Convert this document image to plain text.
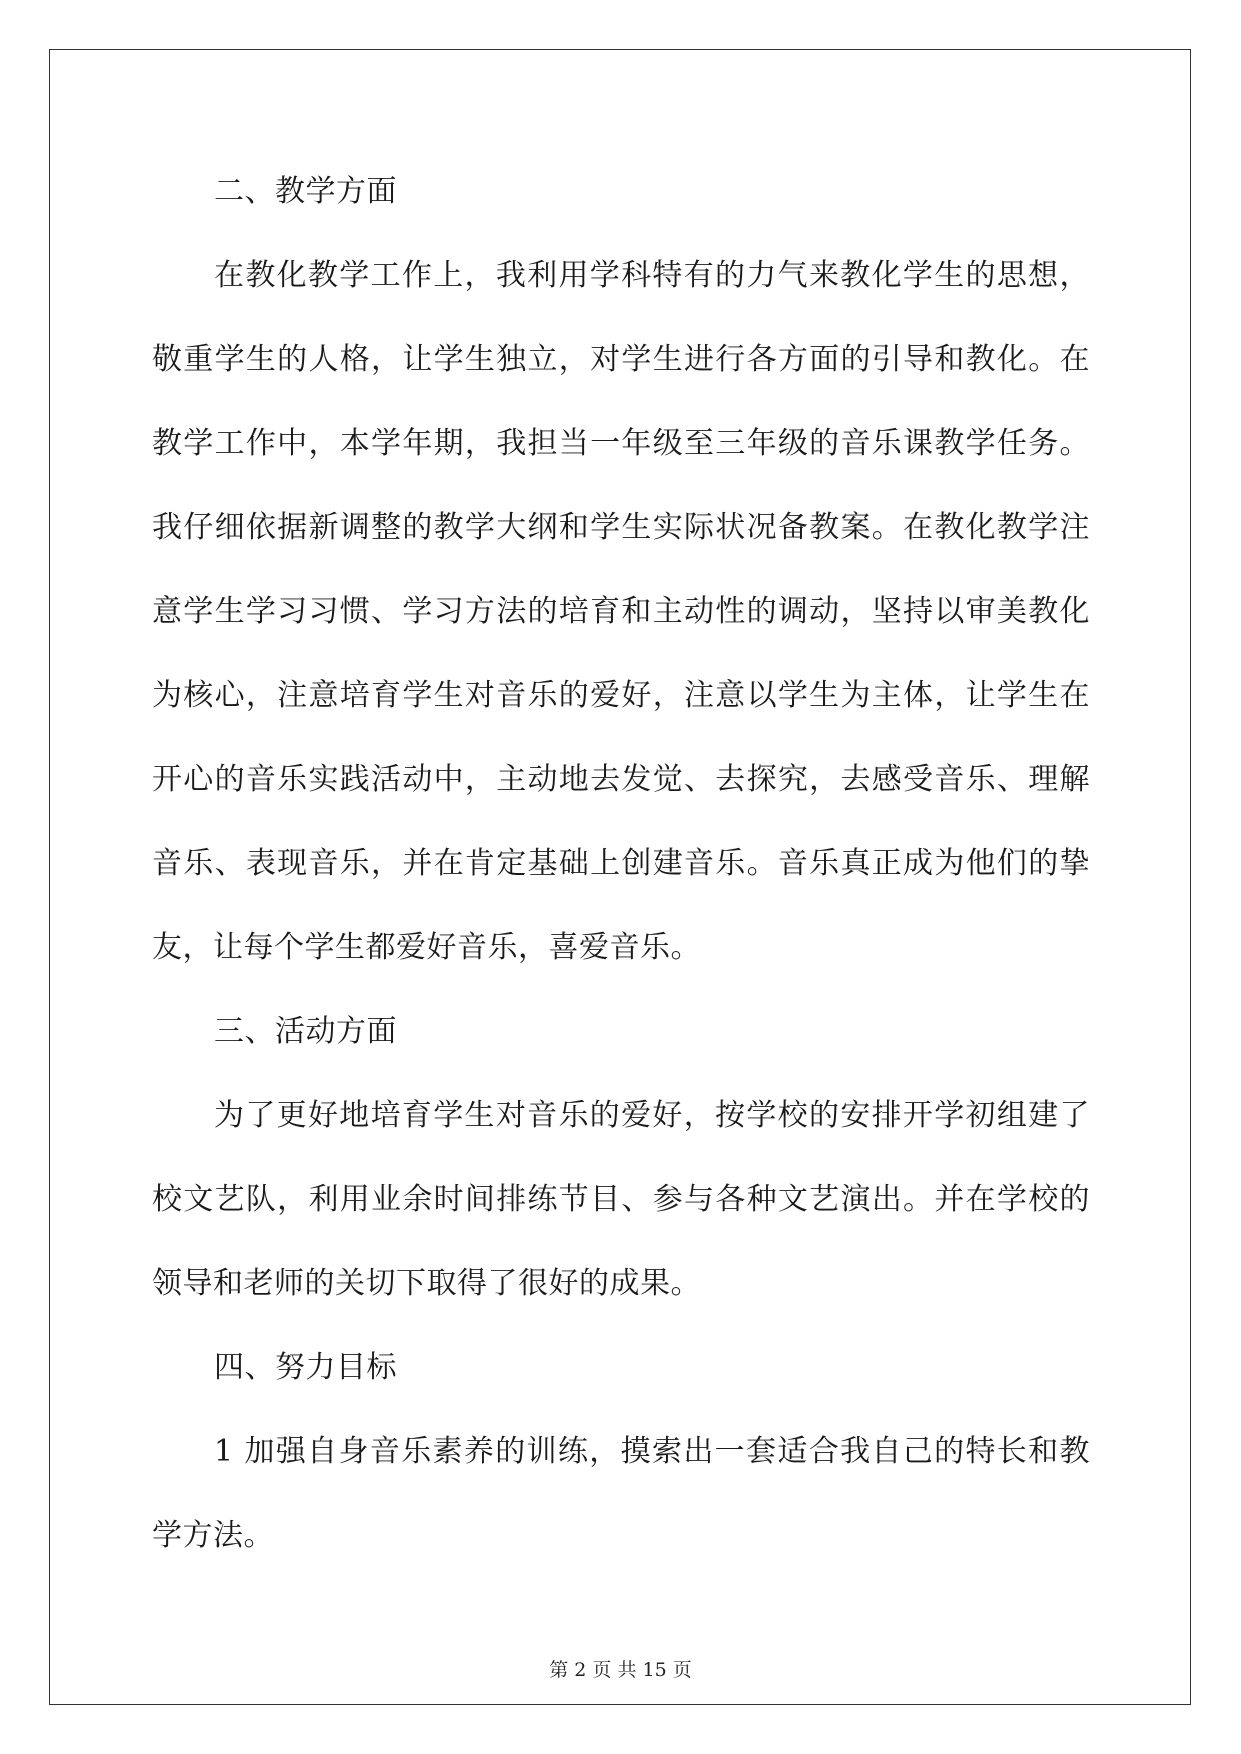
二、教学方面
在教化教学工作上，我利用学科特有的力气来教化学生的思想，
敬重学生的人格，让学生独立，对学生进行各方面的引导和教化。在
教学工作中，本学年期，我担当一年级至三年级的音乐课教学任务。
我仔细依据新调整的教学大纲和学生实际状况备教案。在教化教学注
意学生学习习惯、学习方法的培育和主动性的调动，坚持以审美教化
为核心，注意培育学生对音乐的爱好，注意以学生为主体，让学生在
开心的音乐实践活动中，主动地去发觉、去探究，去感受音乐、理解
音乐、表现音乐，并在肯定基础上创建音乐。音乐真正成为他们的挚
友，让每个学生都爱好音乐，喜爱音乐。
三、活动方面
为了更好地培育学生对音乐的爱好，按学校的安排开学初组建了
校文艺队，利用业余时间排练节目、参与各种文艺演出。并在学校的
领导和老师的关切下取得了很好的成果。
四、努力目标
1 加强自身音乐素养的训练，摸索出一套适合我自己的特长和教
学方法。
第 2 页 共 15 页
